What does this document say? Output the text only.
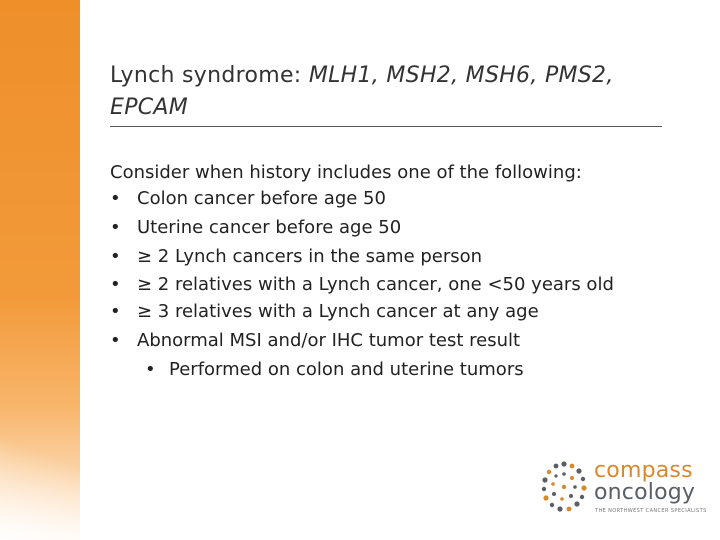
Lynch syndrome: MLH1, MSH2, MSH6, PMS2, EPCAM
Consider when history includes one of the following:
• Colon cancer before age 50
• Uterine cancer before age 50
• ≥ 2 Lynch cancers in the same person
• ≥ 2 relatives with a Lynch cancer, one <50 years old
• ≥ 3 relatives with a Lynch cancer at any age
• Abnormal MSI and/or IHC tumor test result
• Performed on colon and uterine tumors
compass
oncology
THE NORTHWEST CANCER SPECIALISTS
